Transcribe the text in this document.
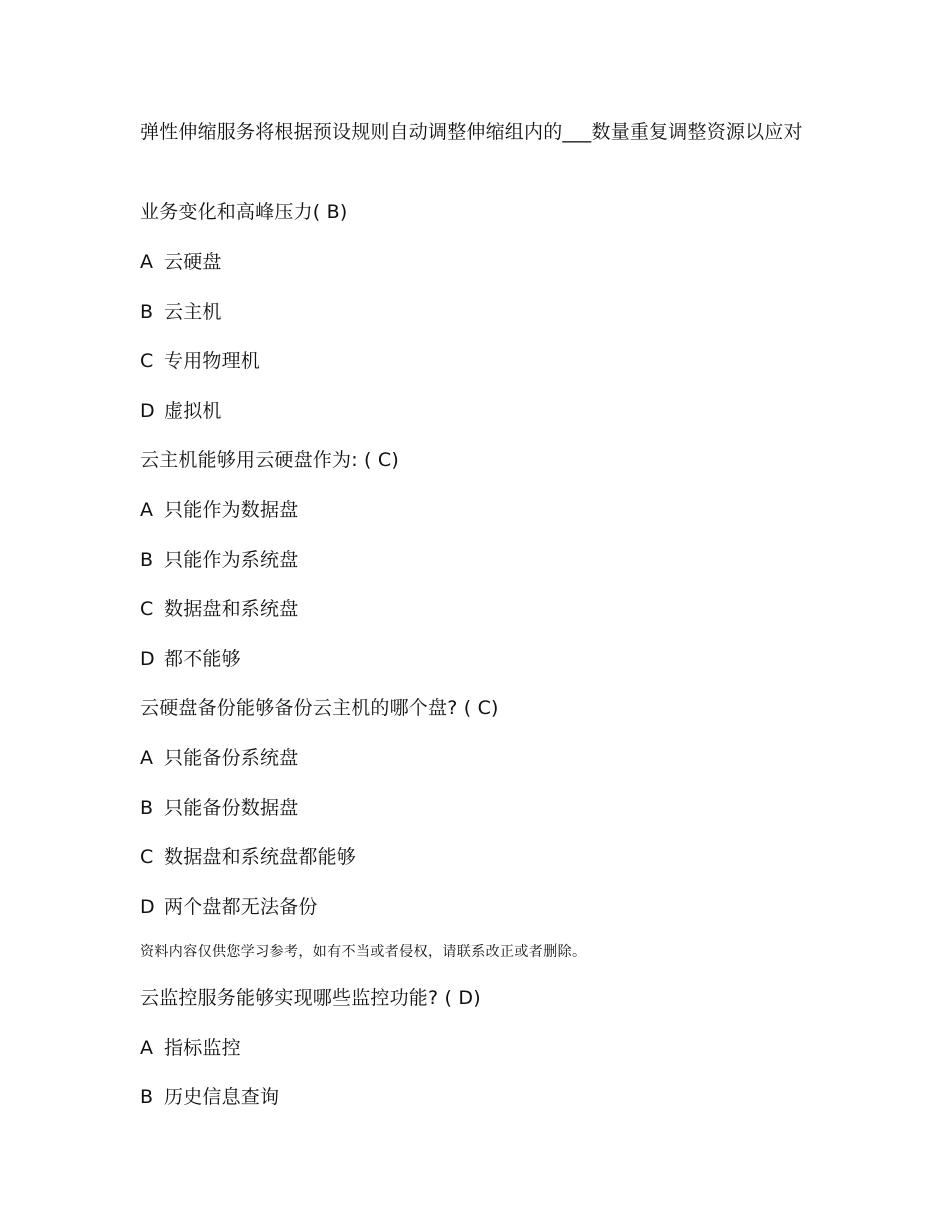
弹性伸缩服务将根据预设规则自动调整伸缩组内的___数量重复调整资源以应对
业务变化和高峰压力( B)
A 云硬盘
B 云主机
C 专用物理机
D 虚拟机
云主机能够用云硬盘作为: ( C)
A 只能作为数据盘
B 只能作为系统盘
C 数据盘和系统盘
D 都不能够
云硬盘备份能够备份云主机的哪个盘? ( C)
A 只能备份系统盘
B 只能备份数据盘
C 数据盘和系统盘都能够
D 两个盘都无法备份
资料内容仅供您学习参考，如有不当或者侵权，请联系改正或者删除。
云监控服务能够实现哪些监控功能? ( D)
A 指标监控
B 历史信息查询
